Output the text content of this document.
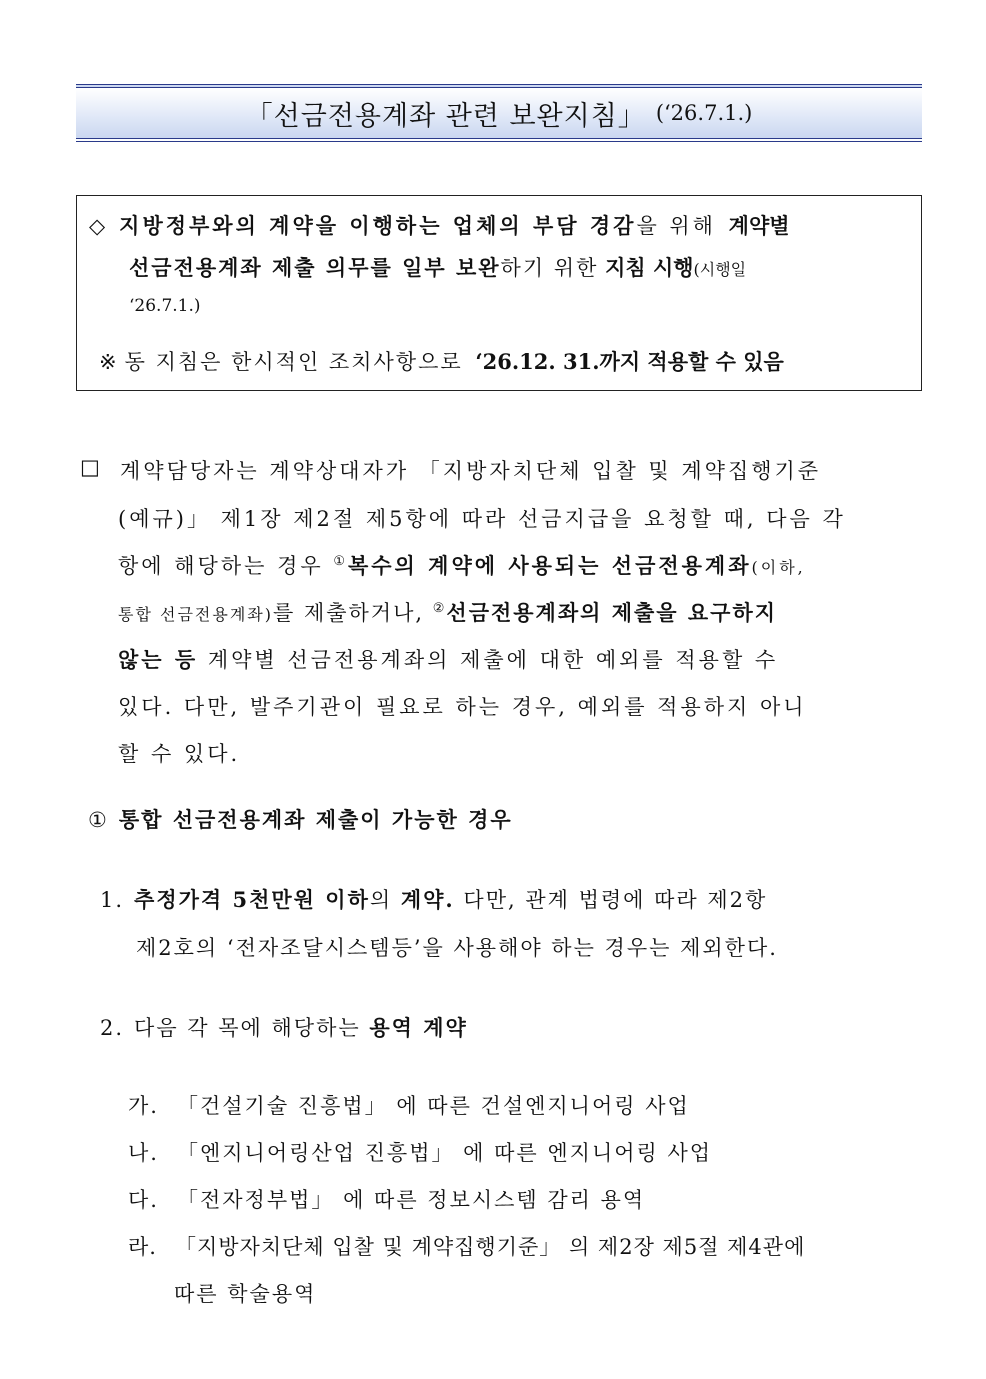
「선금전용계좌 관련 보완지침」 (‘26.7.1.)
◇ 지방정부와의 계약을 이행하는 업체의 부담 경감을 위해 계약별
선금전용계좌 제출 의무를 일부 보완하기 위한 지침 시행(시행일
‘26.7.1.)
※ 동 지침은 한시적인 조치사항으로 ‘26.12. 31.까지 적용할 수 있음
□ 계약담당자는 계약상대자가 「지방자치단체 입찰 및 계약집행기준
(예규)」 제1장 제2절 제5항에 따라 선금지급을 요청할 때, 다음 각
항에 해당하는 경우 ①복수의 계약에 사용되는 선금전용계좌(이하,
통합 선금전용계좌)를 제출하거나, ②선금전용계좌의 제출을 요구하지
않는 등 계약별 선금전용계좌의 제출에 대한 예외를 적용할 수
있다. 다만, 발주기관이 필요로 하는 경우, 예외를 적용하지 아니
할 수 있다.
① 통합 선금전용계좌 제출이 가능한 경우
1. 추정가격 5천만원 이하의 계약. 다만, 관계 법령에 따라 제2항
제2호의 ‘전자조달시스템등’을 사용해야 하는 경우는 제외한다.
2. 다음 각 목에 해당하는 용역 계약
가. 「건설기술 진흥법」 에 따른 건설엔지니어링 사업
나. 「엔지니어링산업 진흥법」 에 따른 엔지니어링 사업
다. 「전자정부법」 에 따른 정보시스템 감리 용역
라. 「지방자치단체 입찰 및 계약집행기준」 의 제2장 제5절 제4관에
따른 학술용역
